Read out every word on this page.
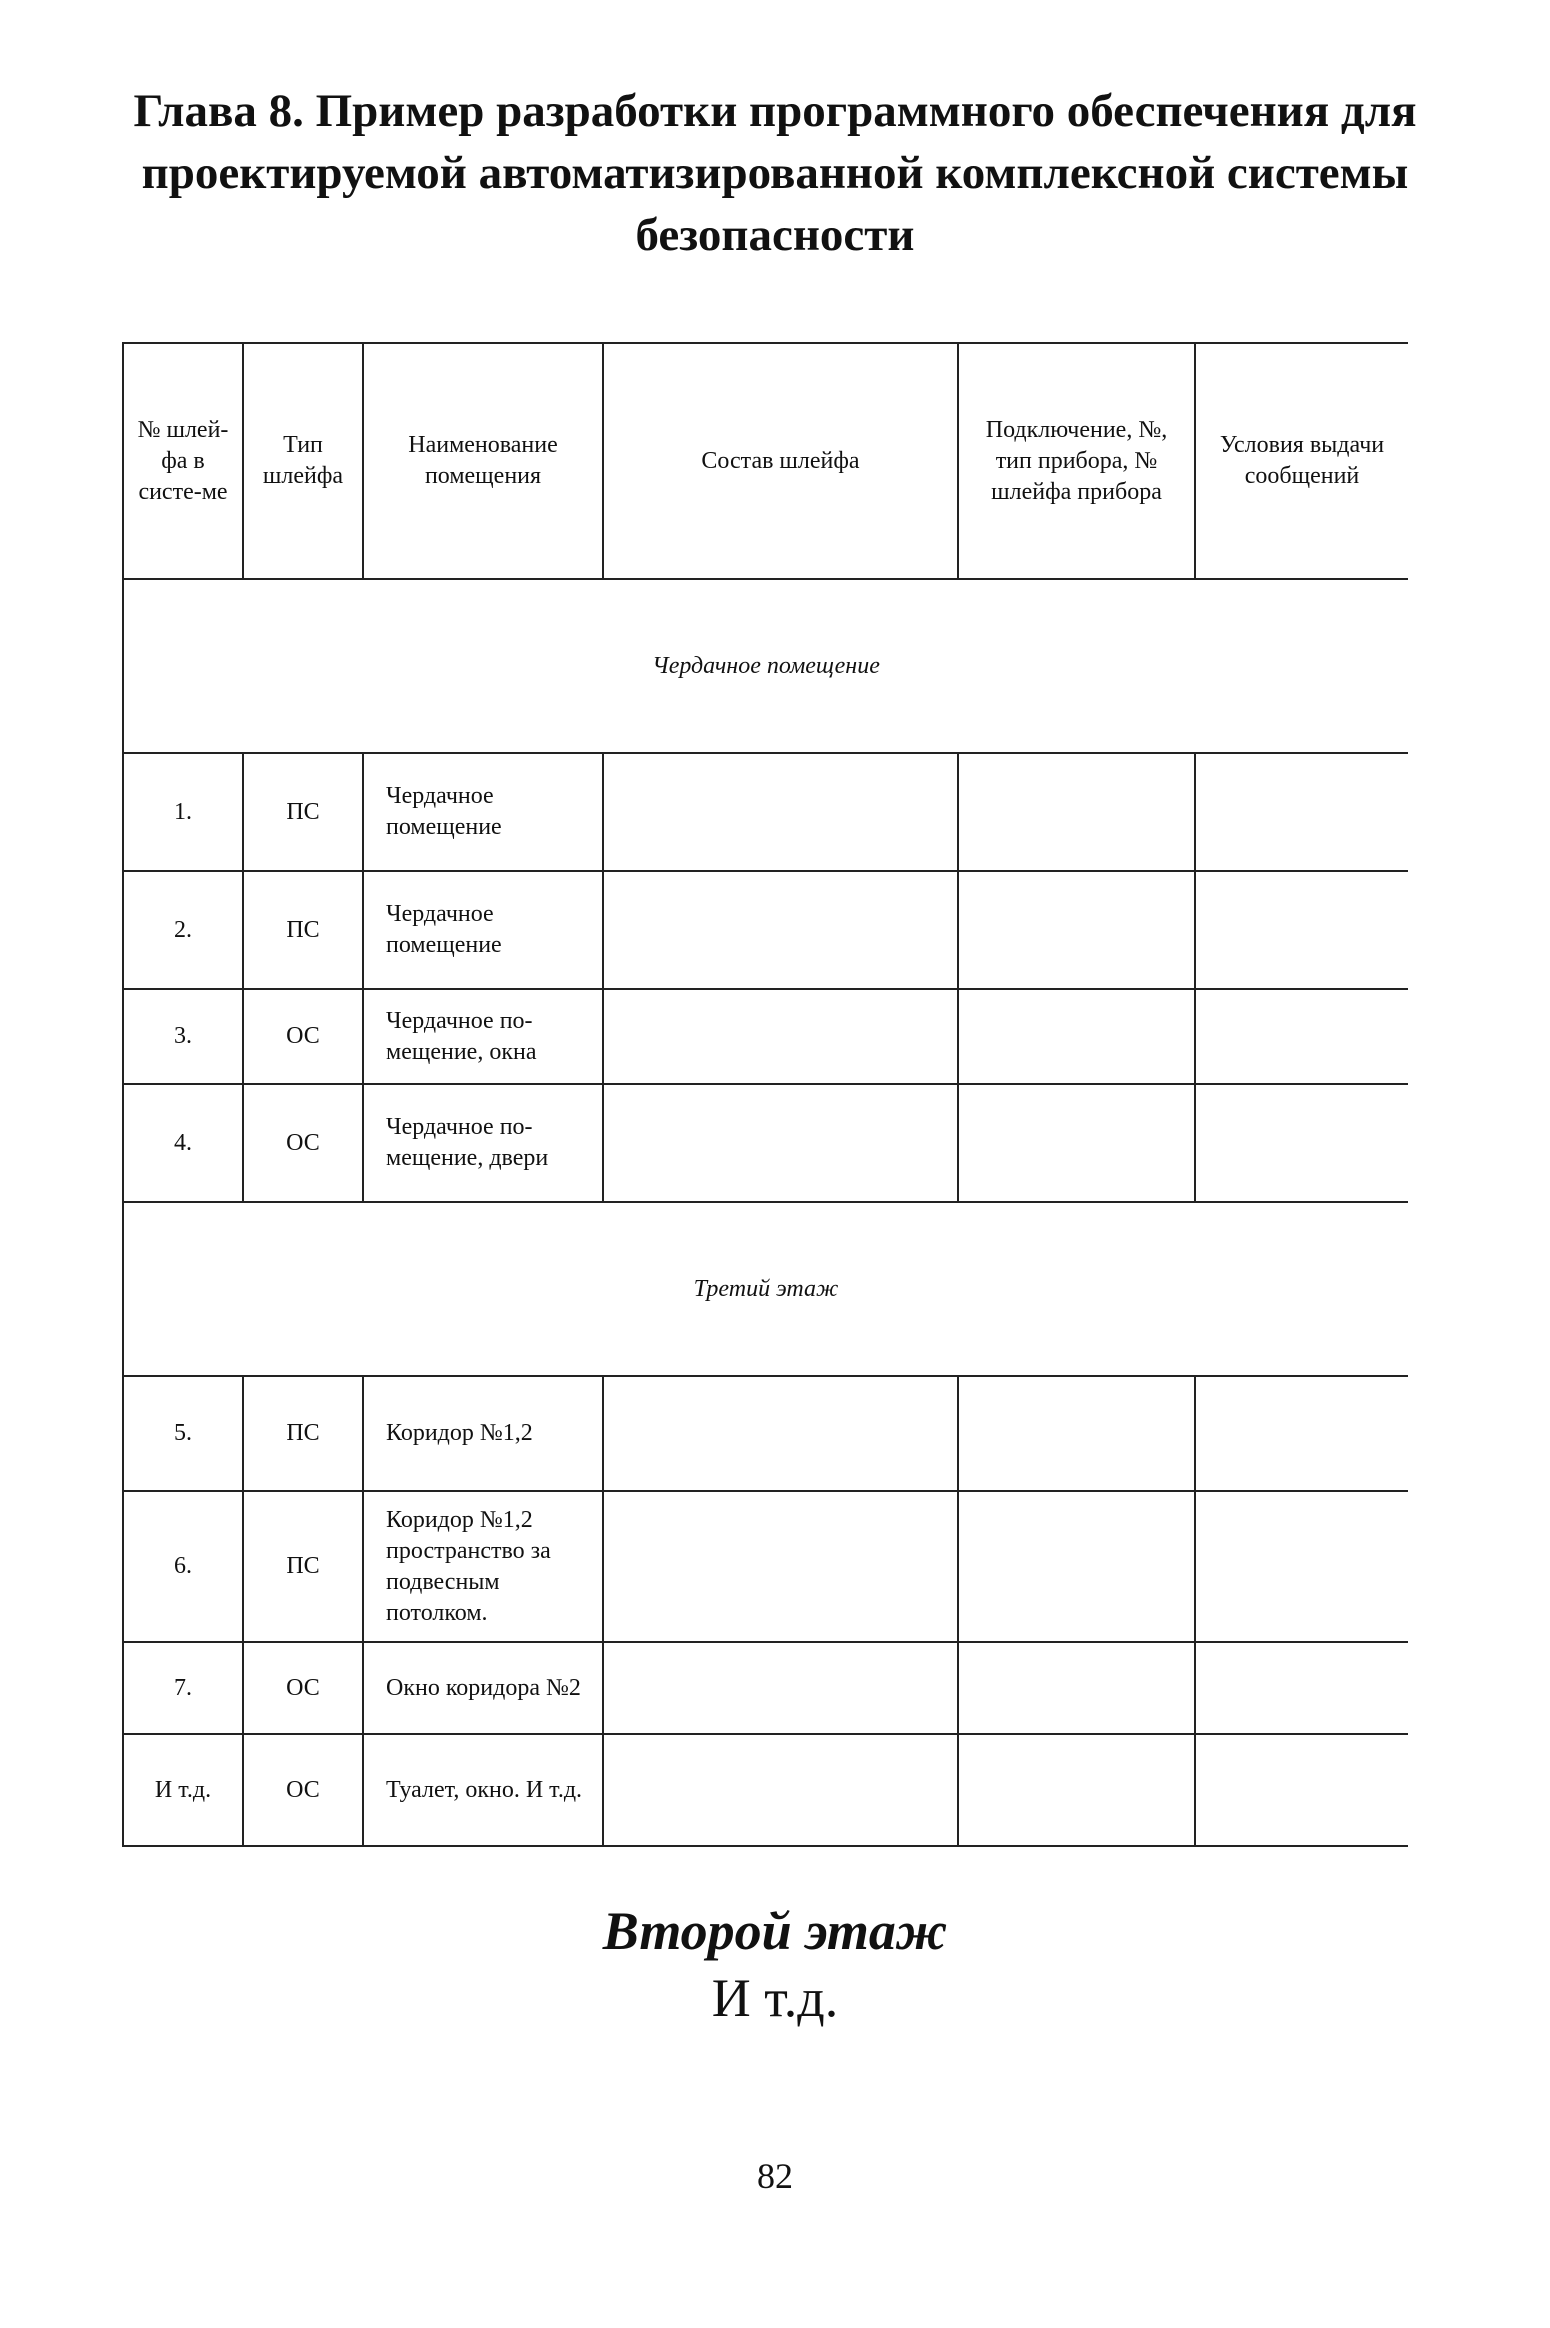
Глава 8. Пример разработки программного обеспечения для проектируемой автоматизированной комплексной системы безопасности
№ шлей-фа в систе-ме	Тип шлейфа	Наименование помещения	Состав шлейфа	Подключение, №, тип прибора, № шлейфа прибора	Условия выдачи сообщений
Чердачное помещение					
1.	ПС	Чердачное помещение			
2.	ПС	Чердачное помещение			
3.	ОС	Чердачное по-мещение, окна			
4.	ОС	Чердачное по-мещение, двери			
Третий этаж					
5.	ПС	Коридор №1,2			
6.	ПС	Коридор №1,2 пространство за подвесным потолком.			
7.	ОС	Окно коридора №2			
И т.д.	ОС	Туалет, окно. И т.д.			
Второй этаж
И т.д.
82
